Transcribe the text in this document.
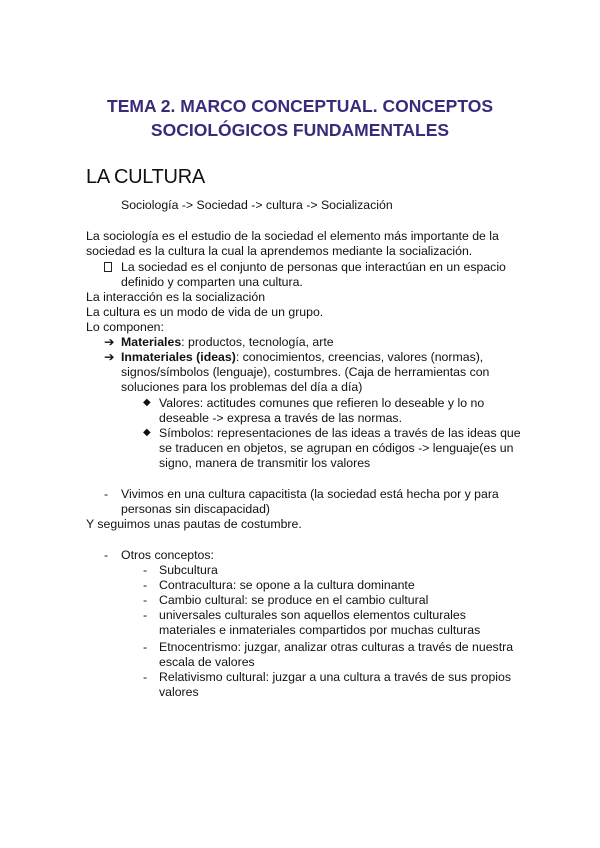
TEMA 2. MARCO CONCEPTUAL. CONCEPTOS
SOCIOLÓGICOS FUNDAMENTALES
LA CULTURA
Sociología -> Sociedad -> cultura -> Socialización
La sociología es el estudio de la sociedad el elemento más importante de la
sociedad es la cultura la cual la aprendemos mediante la socialización.
La sociedad es el conjunto de personas que interactúan en un espacio
definido y comparten una cultura.
La interacción es la socialización
La cultura es un modo de vida de un grupo.
Lo componen:
➔ Materiales: productos, tecnología, arte
➔ Inmateriales (ideas): conocimientos, creencias, valores (normas),
signos/símbolos (lenguaje), costumbres. (Caja de herramientas con
soluciones para los problemas del día a día)
◆ Valores: actitudes comunes que refieren lo deseable y lo no
deseable -> expresa a través de las normas.
◆ Símbolos: representaciones de las ideas a través de las ideas que
se traducen en objetos, se agrupan en códigos -> lenguaje(es un
signo, manera de transmitir los valores
- Vivimos en una cultura capacitista (la sociedad está hecha por y para
personas sin discapacidad)
Y seguimos unas pautas de costumbre.
- Otros conceptos:
- Subcultura
- Contracultura: se opone a la cultura dominante
- Cambio cultural: se produce en el cambio cultural
- universales culturales son aquellos elementos culturales
materiales e inmateriales compartidos por muchas culturas
- Etnocentrismo: juzgar, analizar otras culturas a través de nuestra
escala de valores
- Relativismo cultural: juzgar a una cultura a través de sus propios
valores
